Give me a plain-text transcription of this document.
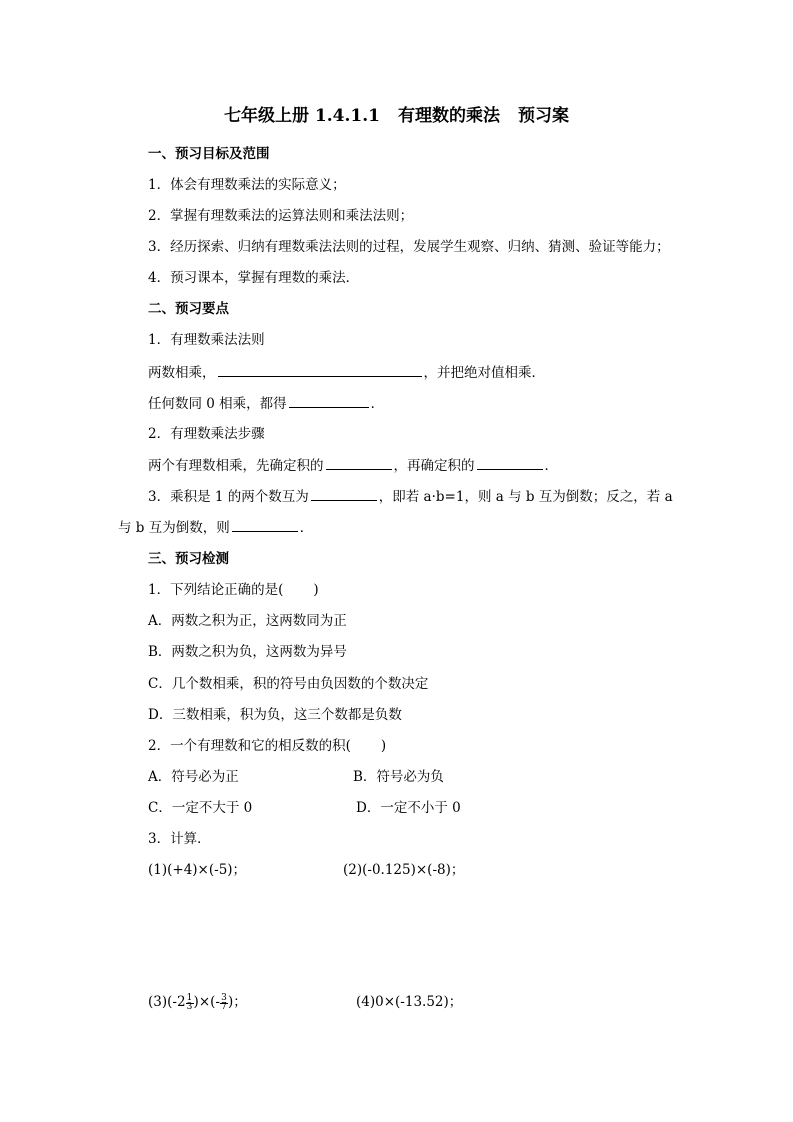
七年级上册 1.4.1.1 有理数的乘法 预习案
一、预习目标及范围
1．体会有理数乘法的实际意义；
2．掌握有理数乘法的运算法则和乘法法则；
3．经历探索、归纳有理数乘法法则的过程，发展学生观察、归纳、猜测、验证等能力；
4．预习课本，掌握有理数的乘法．
二、预习要点
1．有理数乘法法则
两数相乘，	，并把绝对值相乘．
任何数同 0 相乘，都得	．
2．有理数乘法步骤
两个有理数相乘，先确定积的	，再确定积的	．
3．乘积是 1 的两个数互为	，即若 a·b=1，则 a 与 b 互为倒数；反之，若 a
与 b 互为倒数，则	．
三、预习检测
1．下列结论正确的是( )
A．两数之积为正，这两数同为正
B．两数之积为负，这两数为异号
C．几个数相乘，积的符号由负因数的个数决定
D．三数相乘，积为负，这三个数都是负数
2．一个有理数和它的相反数的积( )
A．符号必为正	B．符号必为负
C．一定不大于 0	D．一定不小于 0
3．计算．
(1)(+4)×(-5)；	(2)(-0.125)×(-8)；
$(3)(-2 \frac{1}{3}$ )×(- $\frac{3}{7}$ )；	(4)0×(-13.52)；
